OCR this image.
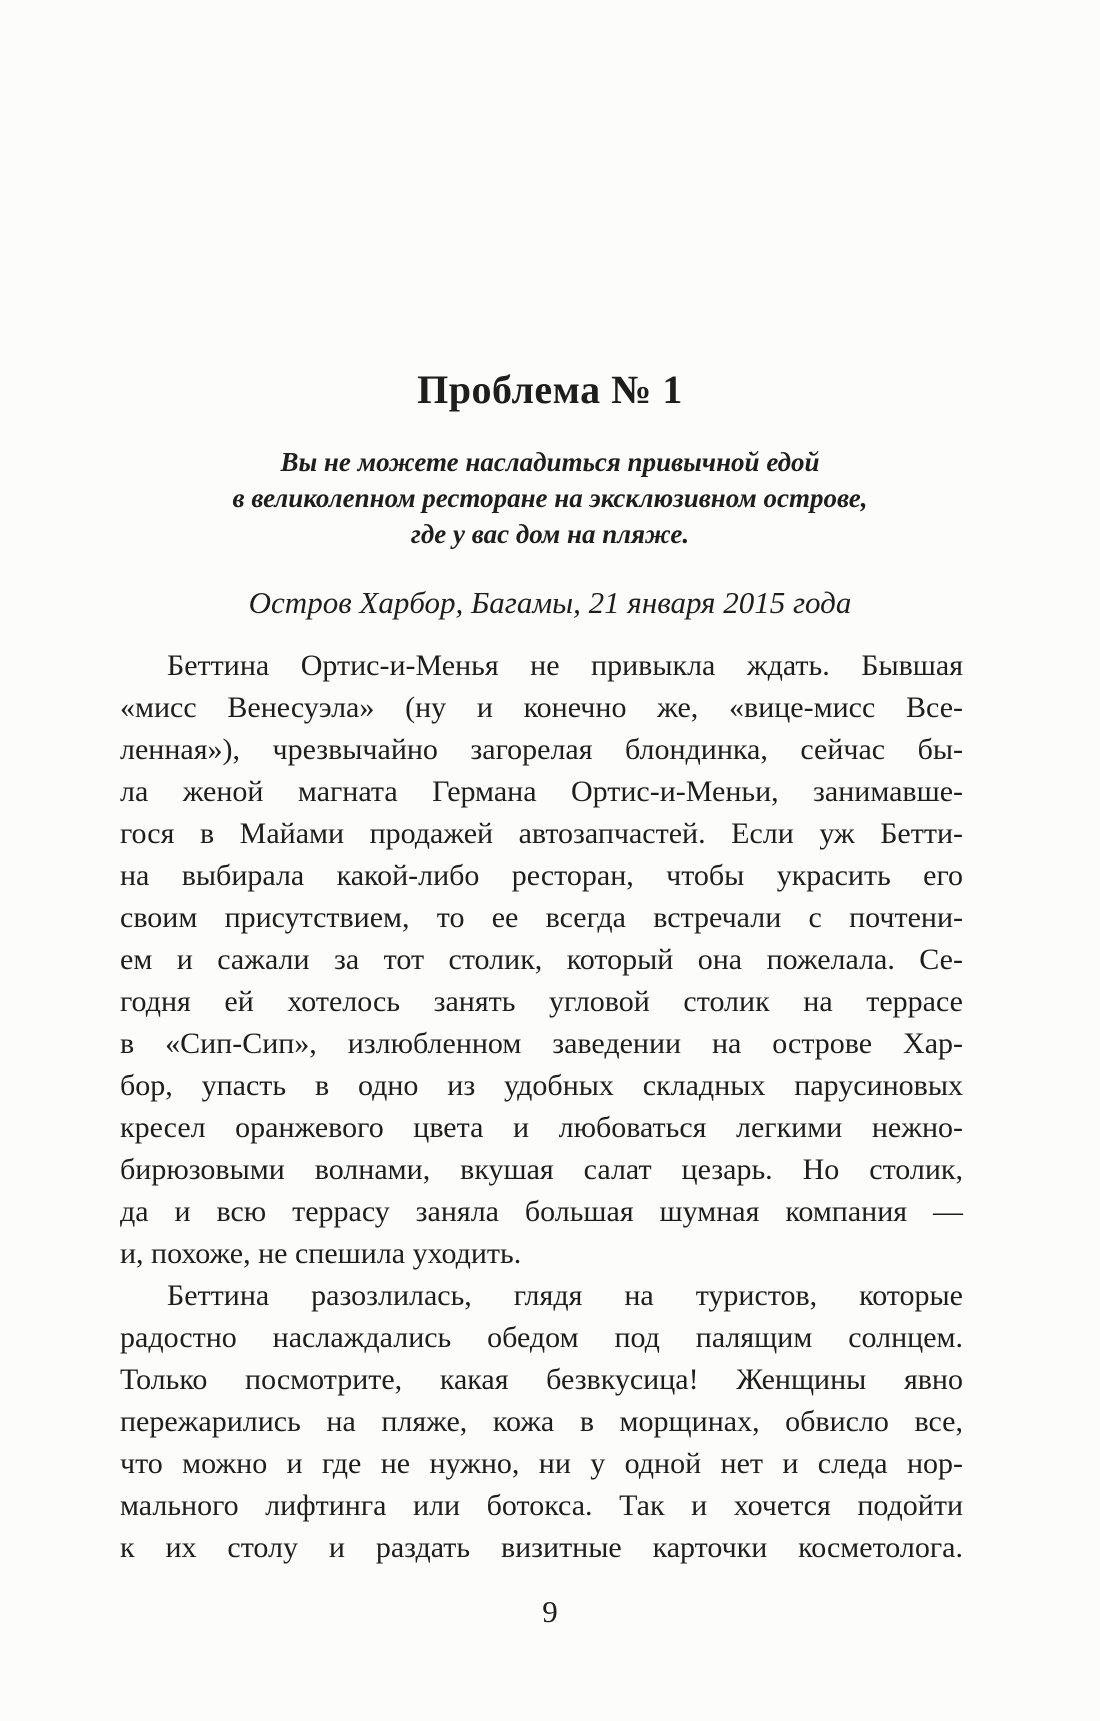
Проблема № 1
Вы не можете насладиться привычной едой
в великолепном ресторане на эксклюзивном острове,
где у вас дом на пляже.
Остров Харбор, Багамы, 21 января 2015 года
Беттина Ортис-и-Менья не привыкла ждать. Бывшая
«мисс Венесуэла» (ну и конечно же, «вице-мисс Все-
ленная»), чрезвычайно загорелая блондинка, сейчас бы-
ла женой магната Германа Ортис-и-Меньи, занимавше-
гося в Майами продажей автозапчастей. Если уж Бетти-
на выбирала какой-либо ресторан, чтобы украсить его
своим присутствием, то ее всегда встречали с почтени-
ем и сажали за тот столик, который она пожелала. Се-
годня ей хотелось занять угловой столик на террасе
в «Сип-Сип», излюбленном заведении на острове Хар-
бор, упасть в одно из удобных складных парусиновых
кресел оранжевого цвета и любоваться легкими нежно-
бирюзовыми волнами, вкушая салат цезарь. Но столик,
да и всю террасу заняла большая шумная компания —
и, похоже, не спешила уходить.
Беттина разозлилась, глядя на туристов, которые
радостно наслаждались обедом под палящим солнцем.
Только посмотрите, какая безвкусица! Женщины явно
пережарились на пляже, кожа в морщинах, обвисло все,
что можно и где не нужно, ни у одной нет и следа нор-
мального лифтинга или ботокса. Так и хочется подойти
к их столу и раздать визитные карточки косметолога.
9
